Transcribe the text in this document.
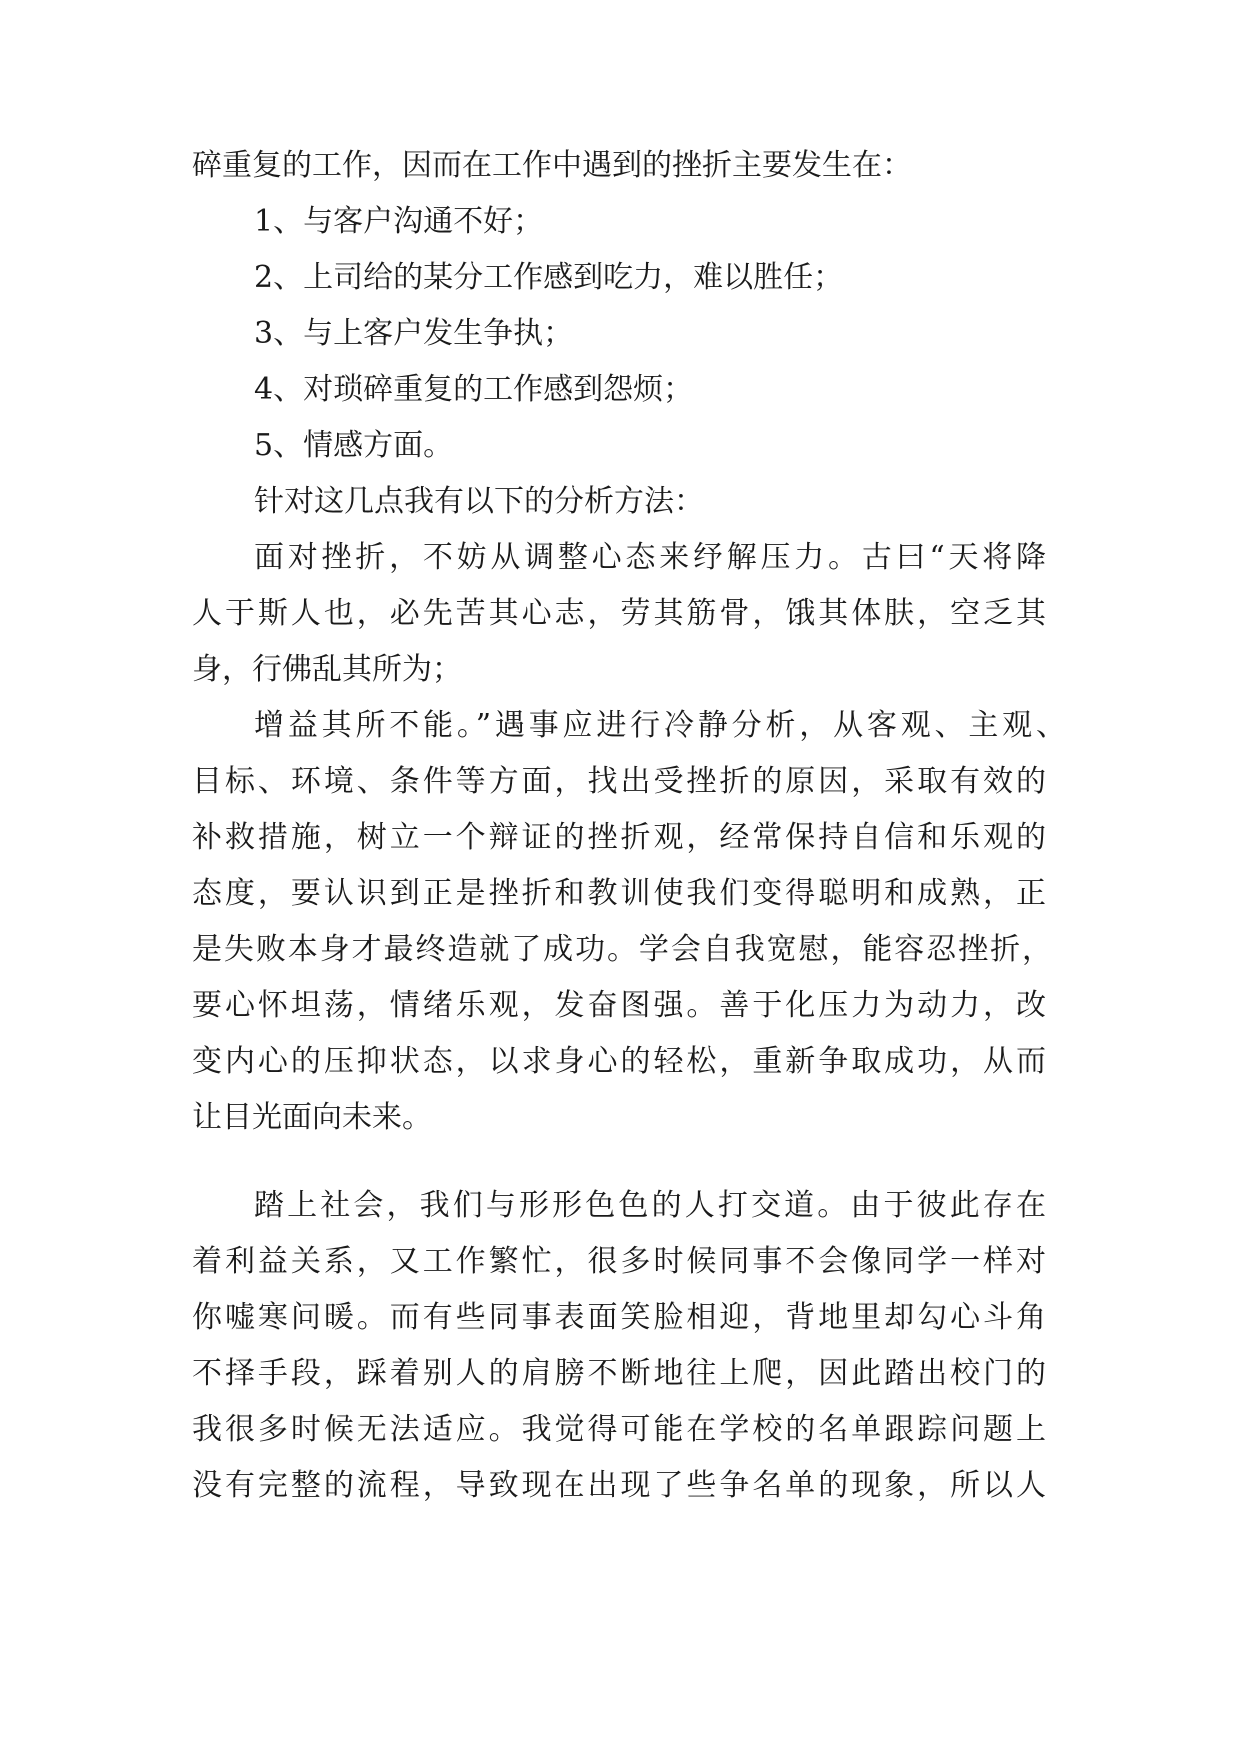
碎重复的工作，因而在工作中遇到的挫折主要发生在：
1、与客户沟通不好；
2、上司给的某分工作感到吃力，难以胜任；
3、与上客户发生争执；
4、对琐碎重复的工作感到怨烦；
5、情感方面。
针对这几点我有以下的分析方法：
面对挫折，不妨从调整心态来纾解压力。古曰“天将降
人于斯人也，必先苦其心志，劳其筋骨，饿其体肤，空乏其
身，行佛乱其所为；
增益其所不能。”遇事应进行冷静分析，从客观、主观、
目标、环境、条件等方面，找出受挫折的原因，采取有效的
补救措施，树立一个辩证的挫折观，经常保持自信和乐观的
态度，要认识到正是挫折和教训使我们变得聪明和成熟，正
是失败本身才最终造就了成功。学会自我宽慰，能容忍挫折，
要心怀坦荡，情绪乐观，发奋图强。善于化压力为动力，改
变内心的压抑状态，以求身心的轻松，重新争取成功，从而
让目光面向未来。
踏上社会，我们与形形色色的人打交道。由于彼此存在
着利益关系，又工作繁忙，很多时候同事不会像同学一样对
你嘘寒问暖。而有些同事表面笑脸相迎，背地里却勾心斗角
不择手段，踩着别人的肩膀不断地往上爬，因此踏出校门的
我很多时候无法适应。我觉得可能在学校的名单跟踪问题上
没有完整的流程，导致现在出现了些争名单的现象，所以人
